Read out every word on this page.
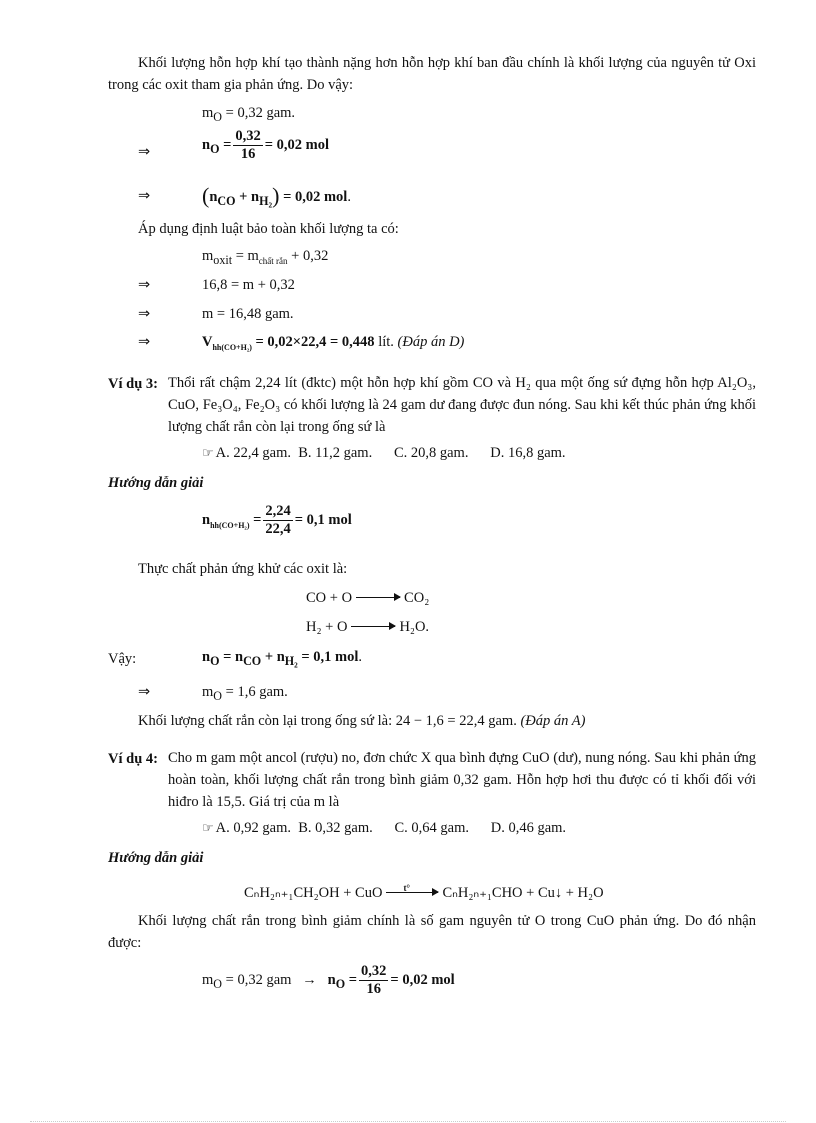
Khối lượng hỗn hợp khí tạo thành nặng hơn hỗn hợp khí ban đầu chính là khối lượng của nguyên tử Oxi trong các oxit tham gia phản ứng. Do vậy:
$m_O = 0,32$ gam.
⇒	$n_O = \frac{0,32}{16} = 0,02$ mol
⇒ $(n_{CO} + n_{H_2}) = 0,02$ mol.
Áp dụng định luật bảo toàn khối lượng ta có:
$m_{oxit} = m_{chất rắn} + 0,32$
⇒	16,8 = m + 0,32
⇒	m = 16,48 gam.
⇒	$V_{hh(CO+H_2)} = 0,02\times 22,4 = 0,448$ lít. (Đáp án D)
Ví dụ 3: Thổi rất chậm 2,24 lít (đktc) một hỗn hợp khí gồm CO và H₂ qua một ống sứ đựng hỗn hợp Al₂O₃, CuO, Fe₃O₄, Fe₂O₃ có khối lượng là 24 gam dư đang được đun nóng. Sau khi kết thúc phản ứng khối lượng chất rắn còn lại trong ống sứ là
☞ A. 22,4 gam. B. 11,2 gam. C. 20,8 gam. D. 16,8 gam.
Hướng dẫn giải
$n_{hh(CO+H_2)} = \frac{2,24}{22,4} = 0,1$ mol
Thực chất phản ứng khử các oxit là:
CO + O	CO₂
H₂ + O	H₂O.
Vậy:	$n_O = n_{CO} + n_{H_2} = 0,1$ mol.
⇒	$m_O = 1,6$ gam.
Khối lượng chất rắn còn lại trong ống sứ là: 24 − 1,6 = 22,4 gam. (Đáp án A)
Ví dụ 4: Cho m gam một ancol (rượu) no, đơn chức X qua bình đựng CuO (dư), nung nóng. Sau khi phản ứng hoàn toàn, khối lượng chất rắn trong bình giảm 0,32 gam. Hỗn hợp hơi thu được có tỉ khối đối với hiđro là 15,5. Giá trị của m là
☞ A. 0,92 gam. B. 0,32 gam. C. 0,64 gam. D. 0,46 gam.
Hướng dẫn giải
CₙH₂ₙ₊₁CH₂OH + CuO t° CₙH₂ₙ₊₁CHO + Cu↓ + H₂O
Khối lượng chất rắn trong bình giảm chính là số gam nguyên tử O trong CuO phản ứng. Do đó nhận được:
$m_O = 0,32$ gam → $n_O = \frac{0,32}{16} = 0,02$ mol
